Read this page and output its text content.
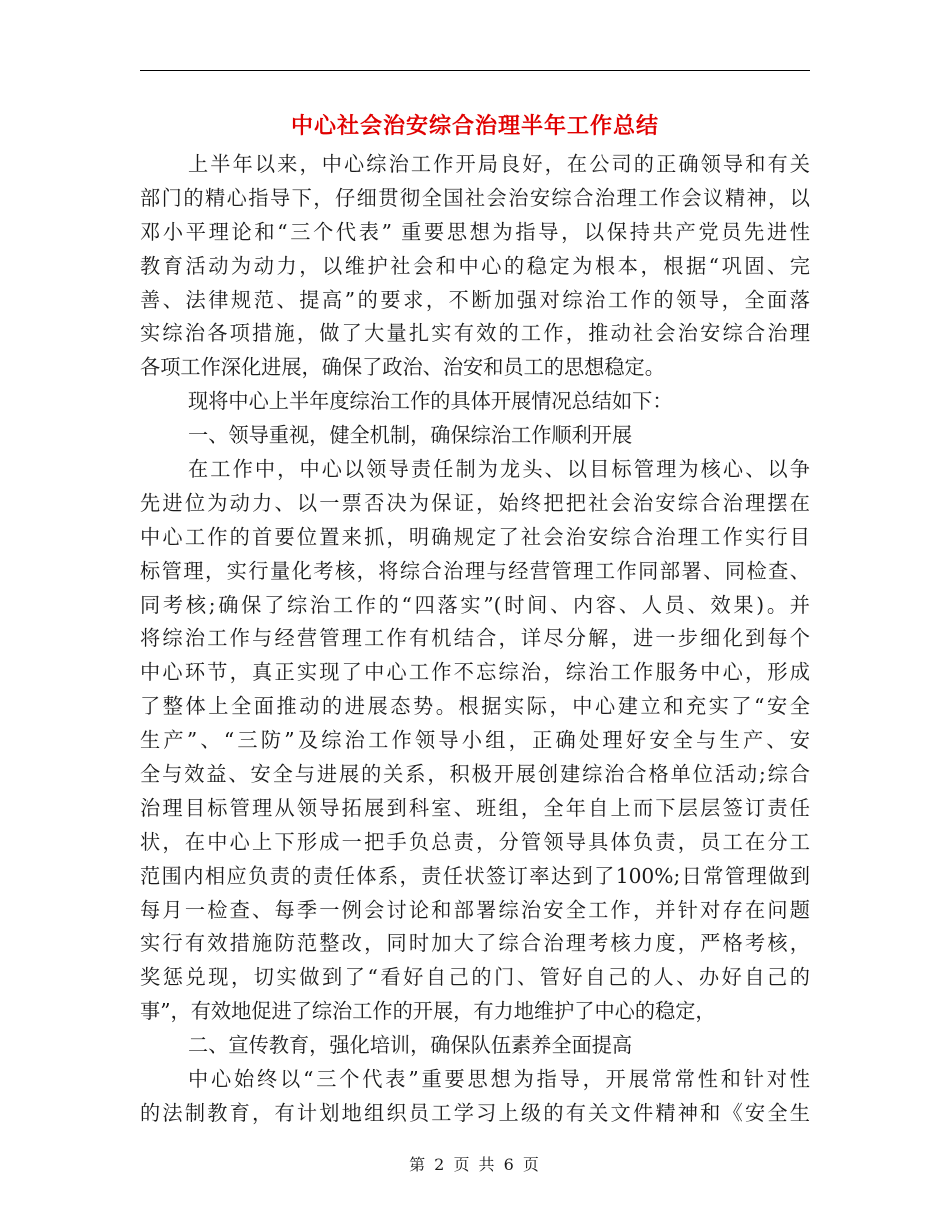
中心社会治安综合治理半年工作总结
上半年以来，中心综治工作开局良好，在公司的正确领导和有关
部门的精心指导下，仔细贯彻全国社会治安综合治理工作会议精神，以
邓小平理论和“三个代表” 重要思想为指导，以保持共产党员先进性
教育活动为动力，以维护社会和中心的稳定为根本，根据“巩固、完
善、法律规范、提高”的要求，不断加强对综治工作的领导，全面落
实综治各项措施，做了大量扎实有效的工作，推动社会治安综合治理
各项工作深化进展，确保了政治、治安和员工的思想稳定。
现将中心上半年度综治工作的具体开展情况总结如下：
一、领导重视，健全机制，确保综治工作顺利开展
在工作中，中心以领导责任制为龙头、以目标管理为核心、以争
先进位为动力、以一票否决为保证，始终把把社会治安综合治理摆在
中心工作的首要位置来抓，明确规定了社会治安综合治理工作实行目
标管理，实行量化考核，将综合治理与经营管理工作同部署、同检查、
同考核;确保了综治工作的“四落实”(时间、内容、人员、效果)。并
将综治工作与经营管理工作有机结合，详尽分解，进一步细化到每个
中心环节，真正实现了中心工作不忘综治，综治工作服务中心，形成
了整体上全面推动的进展态势。根据实际，中心建立和充实了“安全
生产”、“三防”及综治工作领导小组，正确处理好安全与生产、安
全与效益、安全与进展的关系，积极开展创建综治合格单位活动;综合
治理目标管理从领导拓展到科室、班组，全年自上而下层层签订责任
状，在中心上下形成一把手负总责，分管领导具体负责，员工在分工
范围内相应负责的责任体系，责任状签订率达到了100%;日常管理做到
每月一检查、每季一例会讨论和部署综治安全工作，并针对存在问题
实行有效措施防范整改，同时加大了综合治理考核力度，严格考核，
奖惩兑现，切实做到了“看好自己的门、管好自己的人、办好自己的
事”，有效地促进了综治工作的开展，有力地维护了中心的稳定，
二、宣传教育，强化培训，确保队伍素养全面提高
中心始终以“三个代表”重要思想为指导，开展常常性和针对性
的法制教育，有计划地组织员工学习上级的有关文件精神和《安全生
第 2 页 共 6 页
